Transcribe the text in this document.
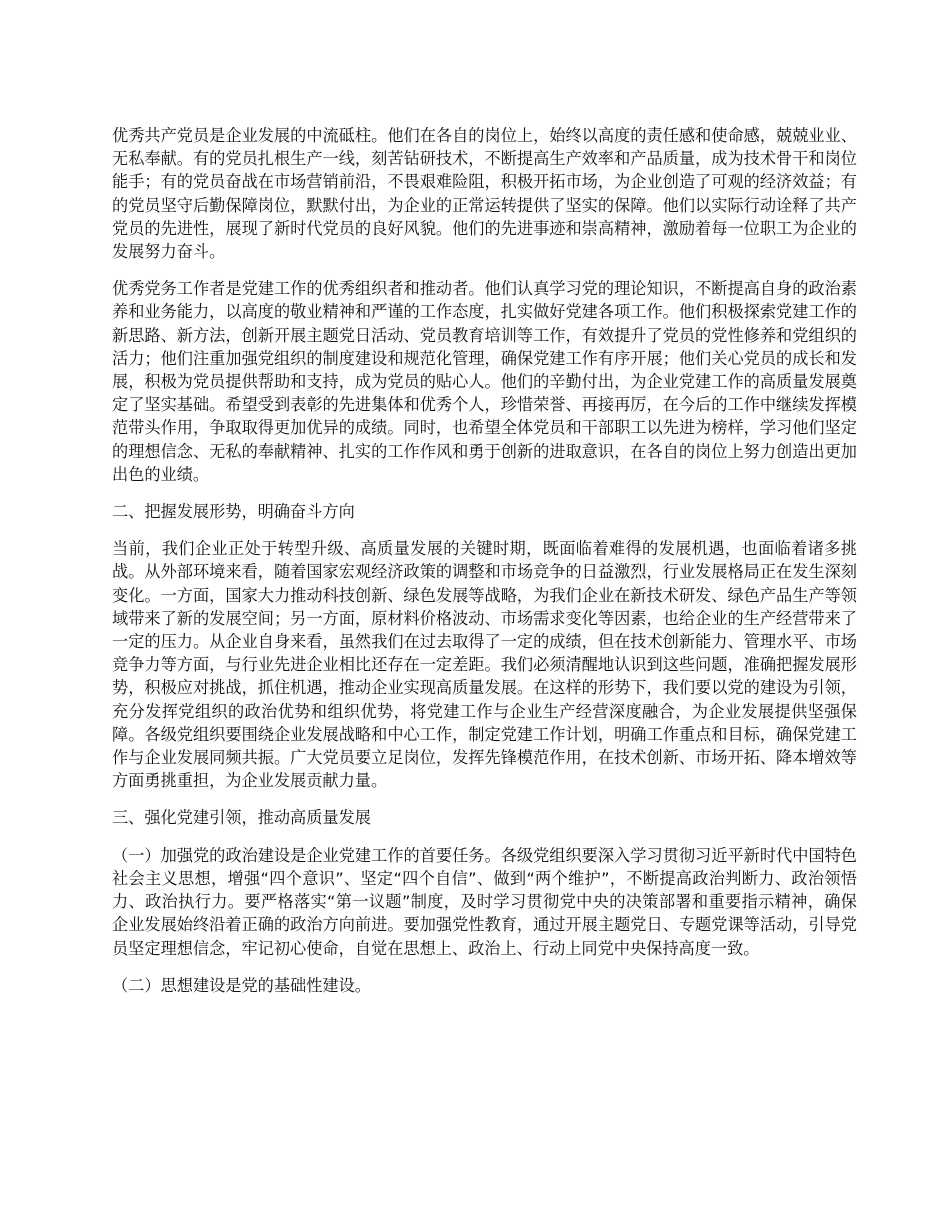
优秀共产党员是企业发展的中流砥柱。他们在各自的岗位上，始终以高度的责任感和使命感，兢兢业业、无私奉献。有的党员扎根生产一线，刻苦钻研技术，不断提高生产效率和产品质量，成为技术骨干和岗位能手；有的党员奋战在市场营销前沿，不畏艰难险阻，积极开拓市场，为企业创造了可观的经济效益；有的党员坚守后勤保障岗位，默默付出，为企业的正常运转提供了坚实的保障。他们以实际行动诠释了共产党员的先进性，展现了新时代党员的良好风貌。他们的先进事迹和崇高精神，激励着每一位职工为企业的发展努力奋斗。

优秀党务工作者是党建工作的优秀组织者和推动者。他们认真学习党的理论知识，不断提高自身的政治素养和业务能力，以高度的敬业精神和严谨的工作态度，扎实做好党建各项工作。他们积极探索党建工作的新思路、新方法，创新开展主题党日活动、党员教育培训等工作，有效提升了党员的党性修养和党组织的活力；他们注重加强党组织的制度建设和规范化管理，确保党建工作有序开展；他们关心党员的成长和发展，积极为党员提供帮助和支持，成为党员的贴心人。他们的辛勤付出，为企业党建工作的高质量发展奠定了坚实基础。希望受到表彰的先进集体和优秀个人，珍惜荣誉、再接再厉，在今后的工作中继续发挥模范带头作用，争取取得更加优异的成绩。同时，也希望全体党员和干部职工以先进为榜样，学习他们坚定的理想信念、无私的奉献精神、扎实的工作作风和勇于创新的进取意识，在各自的岗位上努力创造出更加出色的业绩。

二、把握发展形势，明确奋斗方向

当前，我们企业正处于转型升级、高质量发展的关键时期，既面临着难得的发展机遇，也面临着诸多挑战。从外部环境来看，随着国家宏观经济政策的调整和市场竞争的日益激烈，行业发展格局正在发生深刻变化。一方面，国家大力推动科技创新、绿色发展等战略，为我们企业在新技术研发、绿色产品生产等领域带来了新的发展空间；另一方面，原材料价格波动、市场需求变化等因素，也给企业的生产经营带来了一定的压力。从企业自身来看，虽然我们在过去取得了一定的成绩，但在技术创新能力、管理水平、市场竞争力等方面，与行业先进企业相比还存在一定差距。我们必须清醒地认识到这些问题，准确把握发展形势，积极应对挑战，抓住机遇，推动企业实现高质量发展。在这样的形势下，我们要以党的建设为引领，充分发挥党组织的政治优势和组织优势，将党建工作与企业生产经营深度融合，为企业发展提供坚强保障。各级党组织要围绕企业发展战略和中心工作，制定党建工作计划，明确工作重点和目标，确保党建工作与企业发展同频共振。广大党员要立足岗位，发挥先锋模范作用，在技术创新、市场开拓、降本增效等方面勇挑重担，为企业发展贡献力量。

三、强化党建引领，推动高质量发展

（一）加强党的政治建设是企业党建工作的首要任务。各级党组织要深入学习贯彻习近平新时代中国特色社会主义思想，增强“四个意识”、坚定“四个自信”、做到“两个维护”，不断提高政治判断力、政治领悟力、政治执行力。要严格落实“第一议题”制度，及时学习贯彻党中央的决策部署和重要指示精神，确保企业发展始终沿着正确的政治方向前进。要加强党性教育，通过开展主题党日、专题党课等活动，引导党员坚定理想信念，牢记初心使命，自觉在思想上、政治上、行动上同党中央保持高度一致。

（二）思想建设是党的基础性建设。
